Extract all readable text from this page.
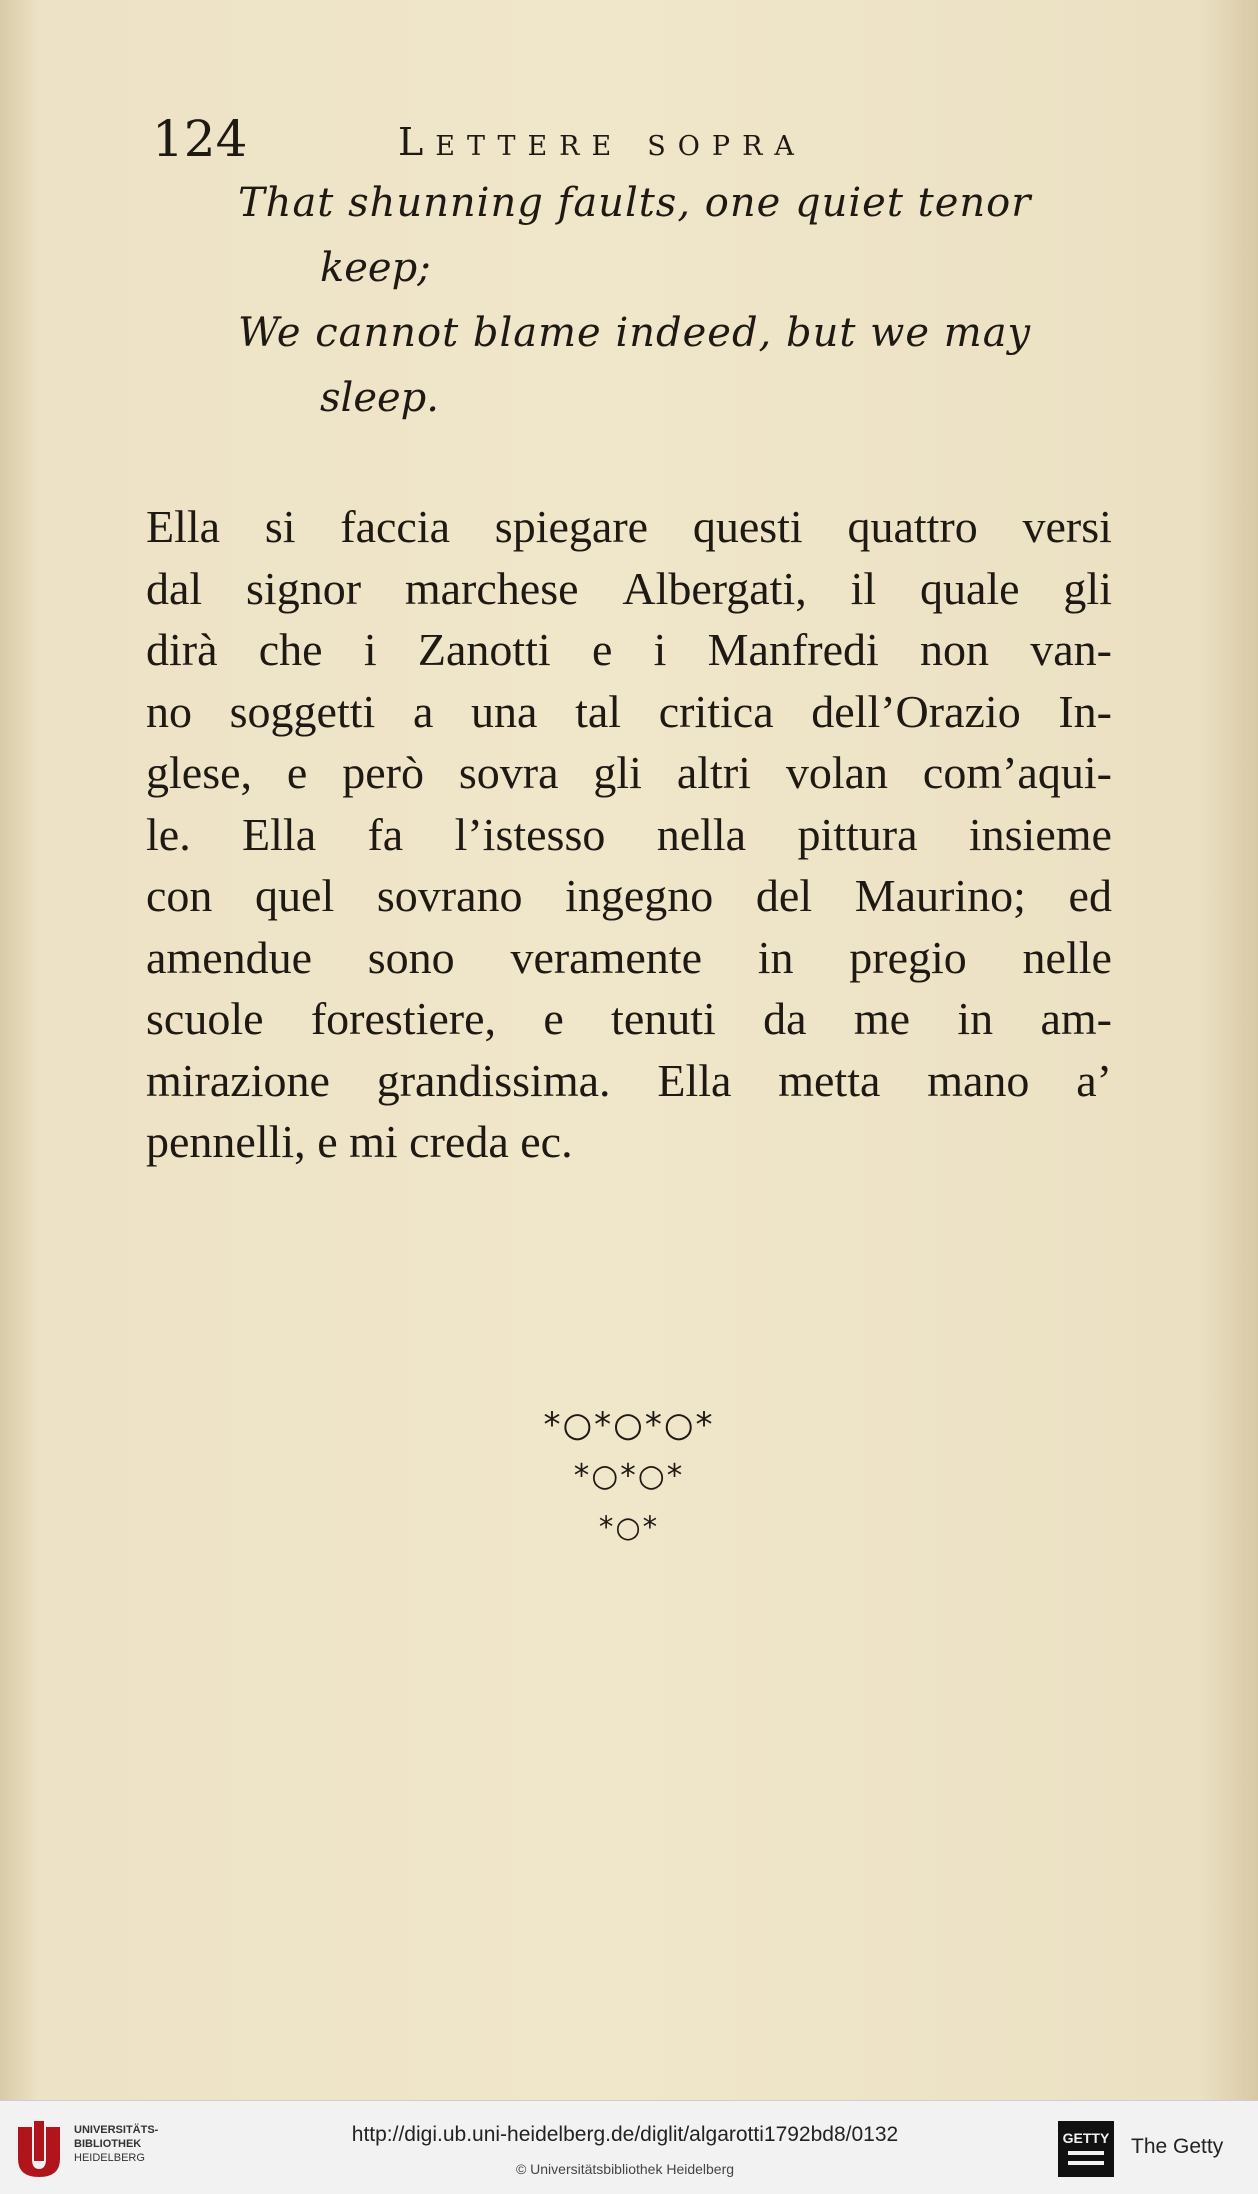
124	Lettere sopra
That shunning faults, one quiet tenor
keep;
We cannot blame indeed, but we may
sleep.
Ella si faccia spiegare questi quattro versi
dal signor marchese Albergati, il quale gli
dirà che i Zanotti e i Manfredi non van-
no soggetti a una tal critica dell’Orazio In-
glese, e però sovra gli altri volan com’aqui-
le. Ella fa l’istesso nella pittura insieme
con quel sovrano ingegno del Maurino; ed
amendue sono veramente in pregio nelle
scuole forestiere, e tenuti da me in am-
mirazione grandissima. Ella metta mano a’
pennelli, e mi creda ec.
*○*○*○*
*○*○*
*○*
UNIVERSITÄTS-
BIBLIOTHEK
HEIDELBERG
http://digi.ub.uni-heidelberg.de/diglit/algarotti1792bd8/0132
© Universitätsbibliothek Heidelberg
GETTY The Getty
